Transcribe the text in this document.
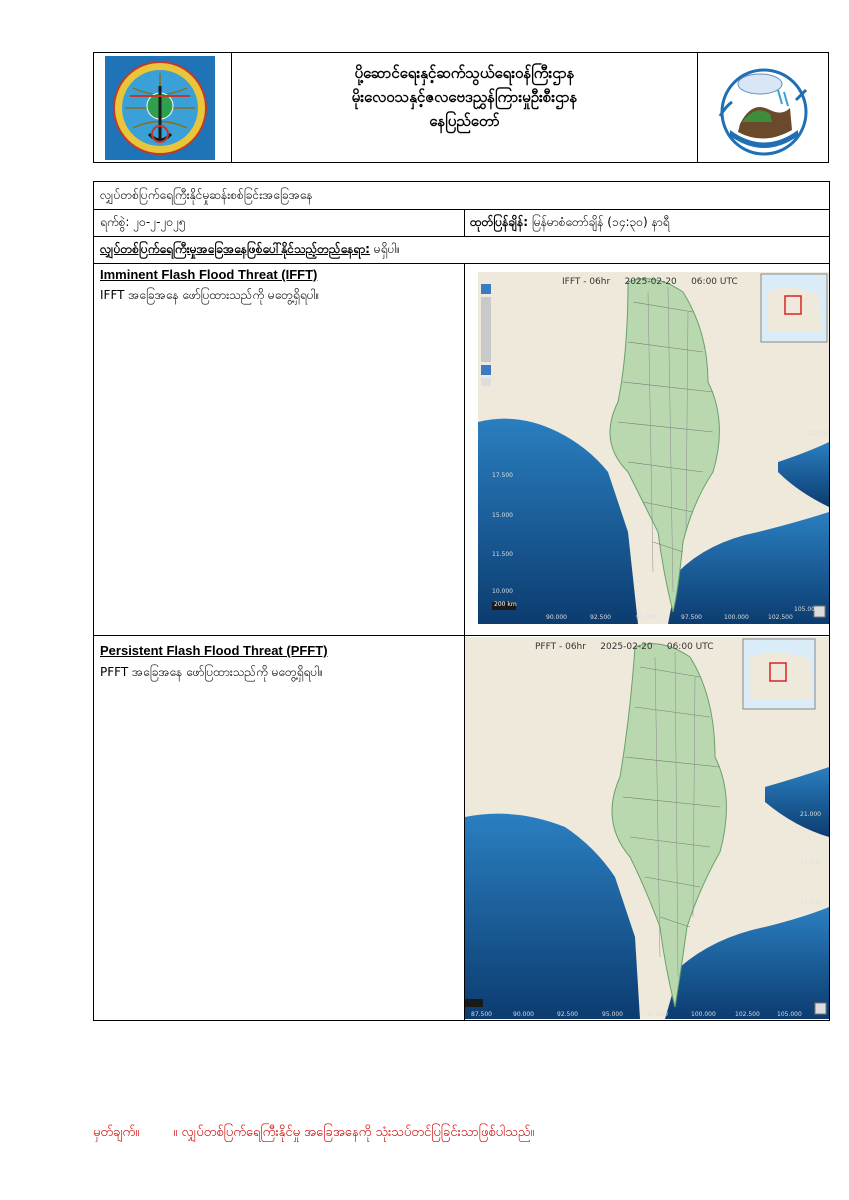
ပို့ဆောင်ရေးနှင့်ဆက်သွယ်ရေးဝန်ကြီးဌာန
မိုးလေဝသနှင့်ဇလဗေဒညွှန်ကြားမှုဦးစီးဌာန
နေပြည်တော်
လျှပ်တစ်ပြက်ရေကြီးနိုင်မှုဆန်းစစ်ခြင်းအခြေအနေ
ရက်စွဲ: ၂၀-၂-၂၀၂၅	ထုတ်ပြန်ချိန်: မြန်မာစံတော်ချိန် (၁၄:၃၀) နာရီ
လျှပ်တစ်ပြက်ရေကြီးမှုအခြေအနေဖြစ်ပေါ်နိုင်သည့်တည်နေရာ: မရှိပါ။
Imminent Flash Flood Threat (IFFT)
IFFT အခြေအနေ ဖော်ပြထားသည်ကို မတွေ့ရှိရပါ။
IFFT - 06hr     2025-02-20     06:00 UTC
200 km
21.000
17.500
15.000
11.500
10.000
90.000	92.500	95.000	97.500	100.000	102.500
105.000
Persistent Flash Flood Threat (PFFT)
PFFT အခြေအနေ ဖော်ပြထားသည်ကို မတွေ့ရှိရပါ။
PFFT - 06hr     2025-02-20     06:00 UTC
21.000
17.500
15.000
87.500	90.000	92.500	95.000	97.500	100.000	102.500	105.000
မှတ်ချက်။	။ လျှပ်တစ်ပြက်ရေကြီးနိုင်မှု အခြေအနေကို သုံးသပ်တင်ပြခြင်းသာဖြစ်ပါသည်။
